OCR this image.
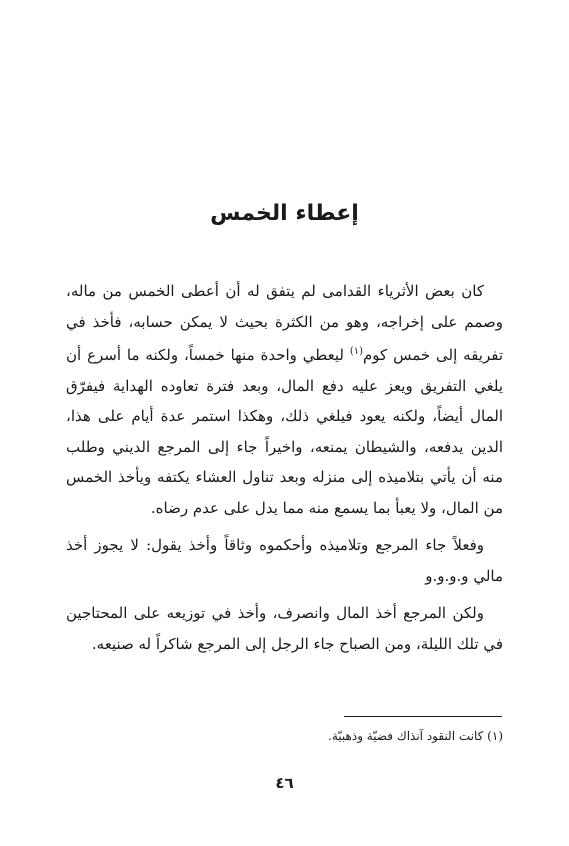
إعطاء الخمس

كان بعض الأثرياء القدامى لم يتفق له أن أعطى الخمس من ماله، وصمم على إخراجه، وهو من الكثرة بحيث لا يمكن حسابه، فأخذ في تفريقه إلى خمس كوم$^{(١)}$ ليعطي واحدة منها خمساً، ولكنه ما أسرع أن يلغي التفريق ويعز عليه دفع المال، وبعد فترة تعاوده الهداية فيفرّق المال أيضاً، ولكنه يعود فيلغي ذلك، وهكذا استمر عدة أيام على هذا، الدين يدفعه، والشيطان يمنعه، واخيراً جاء إلى المرجع الديني وطلب منه أن يأتي بتلاميذه إلى منزله وبعد تناول العشاء يكتفه ويأخذ الخمس من المال، ولا يعبأ بما يسمع منه مما يدل على عدم رضاه.

وفعلاً جاء المرجع وتلاميذه وأحكموه وثاقاً وأخذ يقول: لا يجوز أخذ مالي و.و.و.و

ولكن المرجع أخذ المال وانصرف، وأخذ في توزيعه على المحتاجين في تلك الليلة، ومن الصباح جاء الرجل إلى المرجع شاكراً له صنيعه.

(١) كانت النقود آنذاك فضيّة وذهبيّة.

٤٦
